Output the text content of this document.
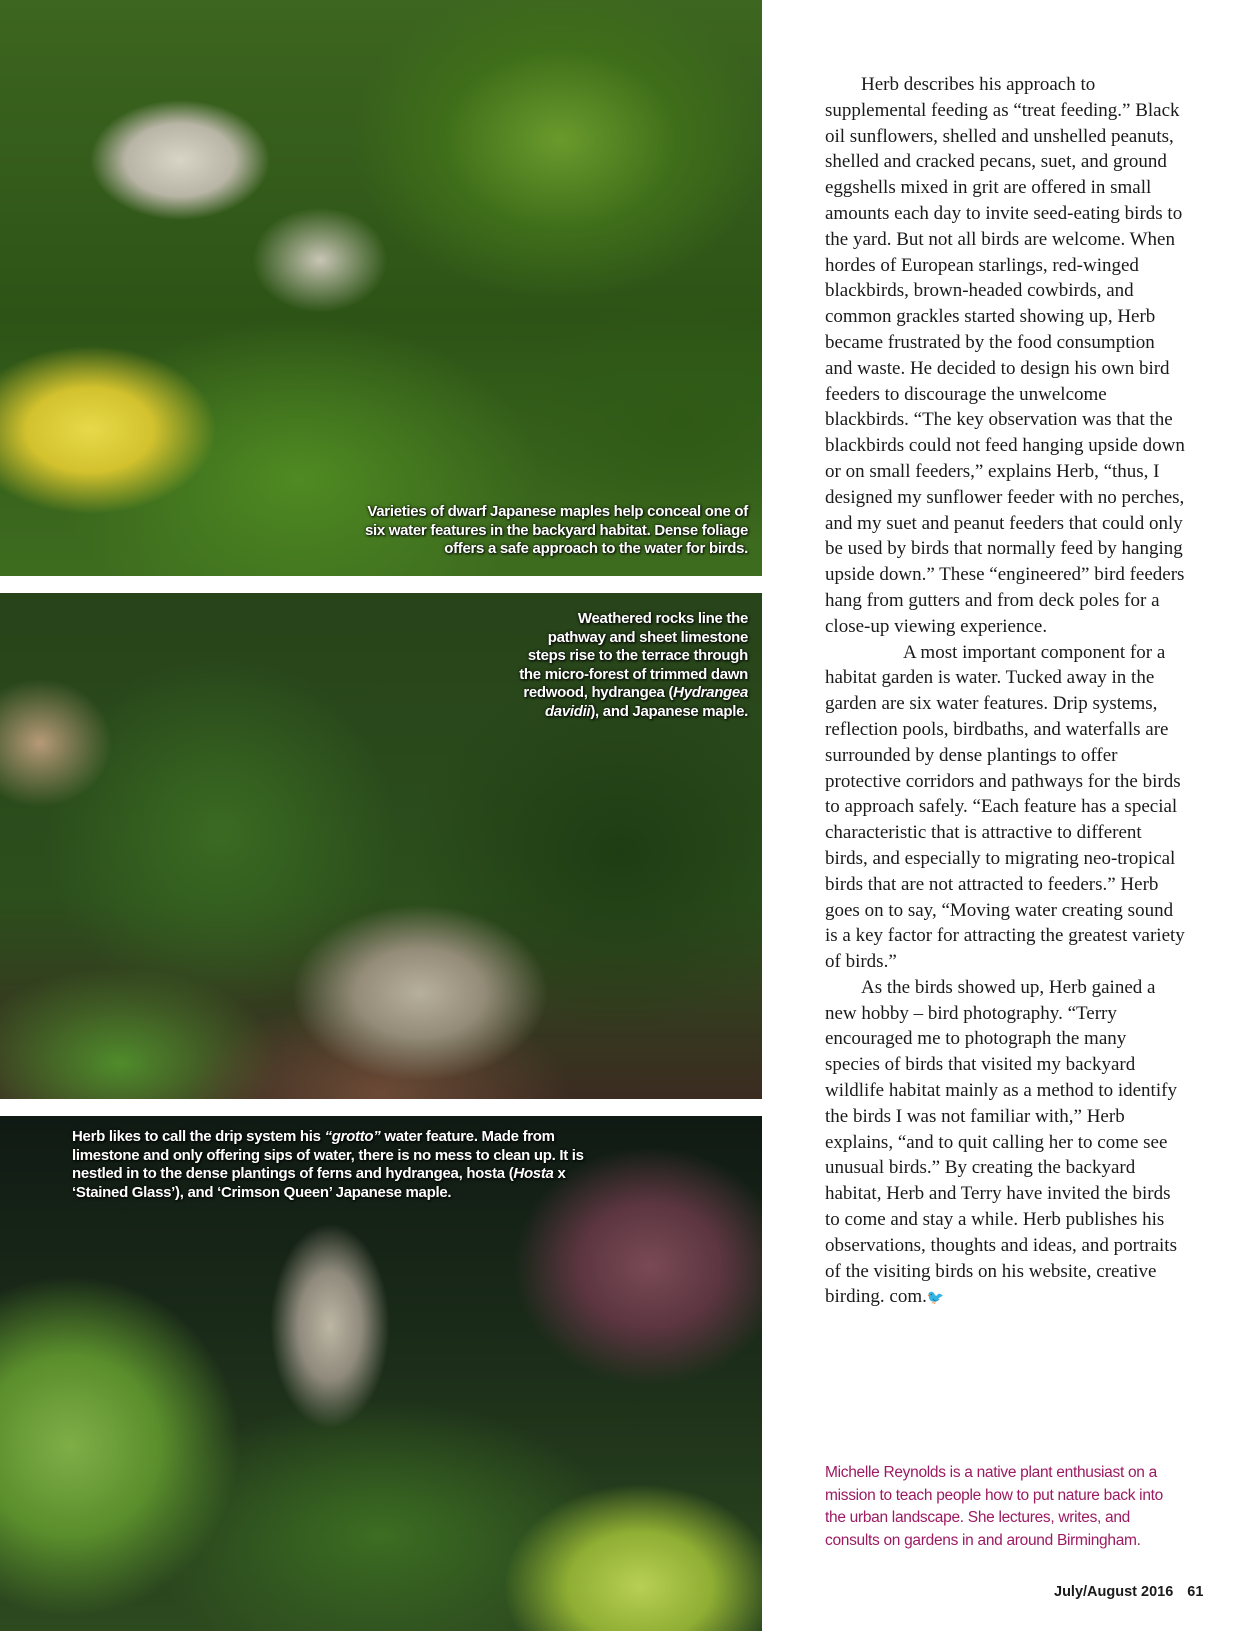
Varieties of dwarf Japanese maples help conceal one of six water features in the backyard habitat. Dense foliage offers a safe approach to the water for birds.
Weathered rocks line the pathway and sheet limestone steps rise to the terrace through the micro-forest of trimmed dawn redwood, hydrangea (Hydrangea davidii), and Japanese maple.
Herb likes to call the drip system his “grotto” water feature. Made from limestone and only offering sips of water, there is no mess to clean up. It is nestled in to the dense plantings of ferns and hydrangea, hosta (Hosta x ‘Stained Glass’), and ‘Crimson Queen’ Japanese maple.

Herb describes his approach to supplemental feeding as “treat feeding.” Black oil sunflowers, shelled and unshelled peanuts, shelled and cracked pecans, suet, and ground eggshells mixed in grit are offered in small amounts each day to invite seed-eating birds to the yard. But not all birds are welcome. When hordes of European starlings, red-winged blackbirds, brown-headed cowbirds, and common grackles started showing up, Herb became frustrated by the food consumption and waste. He decided to design his own bird feeders to discourage the unwelcome blackbirds. “The key observation was that the blackbirds could not feed hanging upside down or on small feeders,” explains Herb, “thus, I designed my sunflower feeder with no perches, and my suet and peanut feeders that could only be used by birds that normally feed by hanging upside down.” These “engineered” bird feeders hang from gutters and from deck poles for a close-up viewing experience.

A most important component for a habitat garden is water. Tucked away in the garden are six water features. Drip systems, reflection pools, birdbaths, and waterfalls are surrounded by dense plantings to offer protective corridors and pathways for the birds to approach safely. “Each feature has a special characteristic that is attractive to different birds, and especially to migrating neo-tropical birds that are not attracted to feeders.” Herb goes on to say, “Moving water creating sound is a key factor for attracting the greatest variety of birds.”

As the birds showed up, Herb gained a new hobby – bird photography. “Terry encouraged me to photograph the many species of birds that visited my backyard wildlife habitat mainly as a method to identify the birds I was not familiar with,” Herb explains, “and to quit calling her to come see unusual birds.” By creating the backyard habitat, Herb and Terry have invited the birds to come and stay a while. Herb publishes his observations, thoughts and ideas, and portraits of the visiting birds on his website, creative birding. com.🐦

Michelle Reynolds is a native plant enthusiast on a mission to teach people how to put nature back into the urban landscape. She lectures, writes, and consults on gardens in and around Birmingham.
July/August 2016 61
